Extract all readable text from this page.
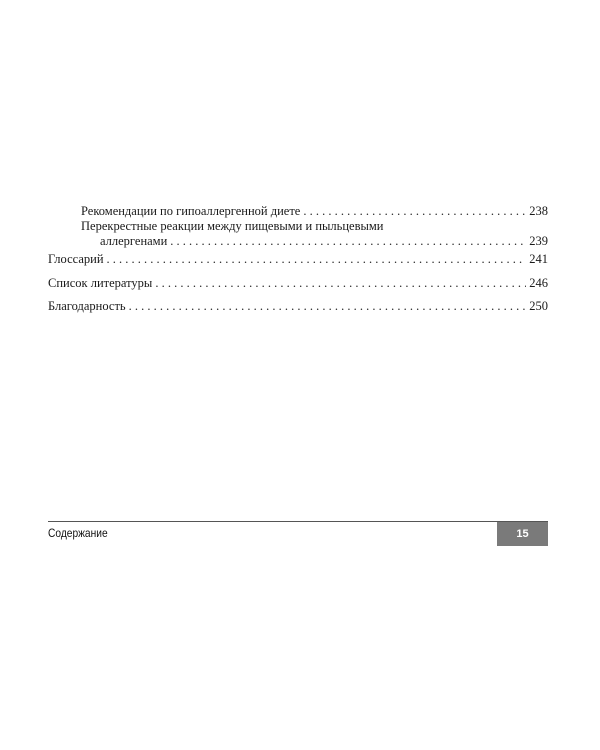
Рекомендации по гипоаллергенной диете . . .	238
Перекрестные реакции между пищевыми и пыльцевыми
аллергенами . . .	239
Глоссарий . . .	241
Список литературы . . .	246
Благодарность . . .	250
Содержание	15
